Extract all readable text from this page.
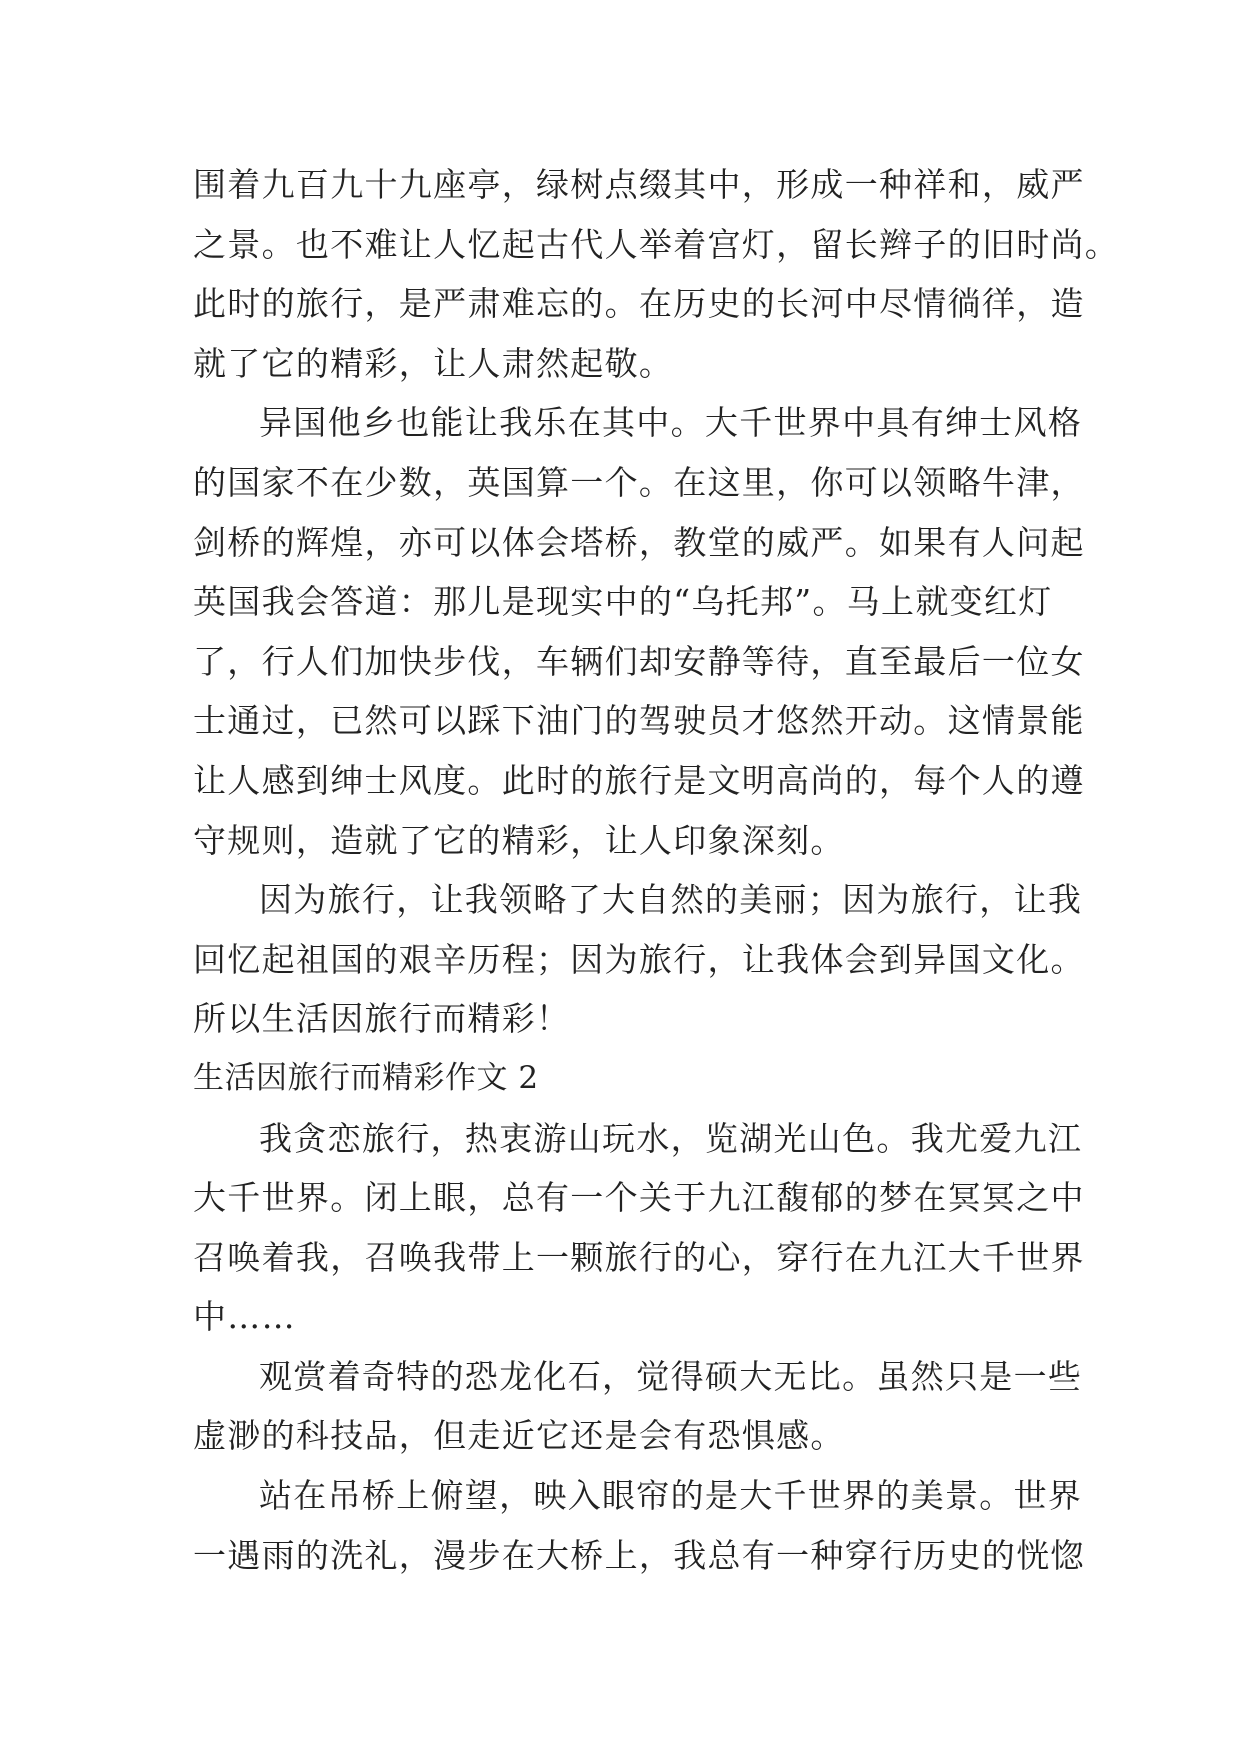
围着九百九十九座亭，绿树点缀其中，形成一种祥和，威严
之景。也不难让人忆起古代人举着宫灯，留长辫子的旧时尚。
此时的旅行，是严肃难忘的。在历史的长河中尽情徜徉，造
就了它的精彩，让人肃然起敬。
异国他乡也能让我乐在其中。大千世界中具有绅士风格
的国家不在少数，英国算一个。在这里，你可以领略牛津，
剑桥的辉煌，亦可以体会塔桥，教堂的威严。如果有人问起
英国我会答道：那儿是现实中的“乌托邦”。马上就变红灯
了，行人们加快步伐，车辆们却安静等待，直至最后一位女
士通过，已然可以踩下油门的驾驶员才悠然开动。这情景能
让人感到绅士风度。此时的旅行是文明高尚的，每个人的遵
守规则，造就了它的精彩，让人印象深刻。
因为旅行，让我领略了大自然的美丽；因为旅行，让我
回忆起祖国的艰辛历程；因为旅行，让我体会到异国文化。
所以生活因旅行而精彩！
生活因旅行而精彩作文 2
我贪恋旅行，热衷游山玩水，览湖光山色。我尤爱九江
大千世界。闭上眼，总有一个关于九江馥郁的梦在冥冥之中
召唤着我，召唤我带上一颗旅行的心，穿行在九江大千世界
中……
观赏着奇特的恐龙化石，觉得硕大无比。虽然只是一些
虚渺的科技品，但走近它还是会有恐惧感。
站在吊桥上俯望，映入眼帘的是大千世界的美景。世界
一遇雨的洗礼，漫步在大桥上，我总有一种穿行历史的恍惚
